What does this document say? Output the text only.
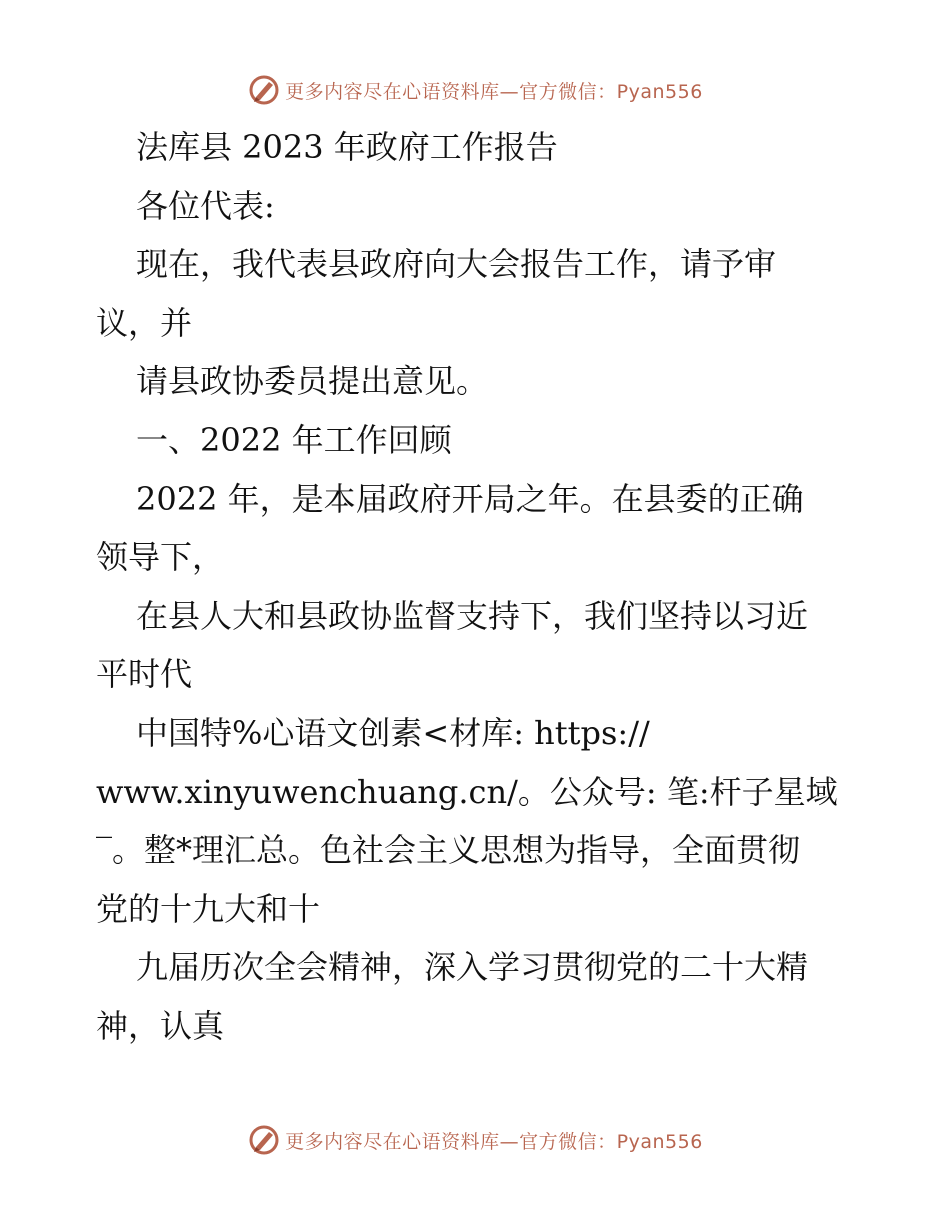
更多内容尽在心语资料库—官方微信：Pyan556
法库县 2023 年政府工作报告
各位代表:
现在，我代表县政府向大会报告工作，请予审
议，并
请县政协委员提出意见。
一、2022 年工作回顾
2022 年，是本届政府开局之年。在县委的正确
领导下，
在县人大和县政协监督支持下，我们坚持以习近
平时代
中国特%心语文创素<材库: https://
www.xinyuwenchuang.cn/。公众号: 笔:杆子星域
‾。整*理汇总。色社会主义思想为指导，全面贯彻
党的十九大和十
九届历次全会精神，深入学习贯彻党的二十大精
神，认真
更多内容尽在心语资料库—官方微信：Pyan556
